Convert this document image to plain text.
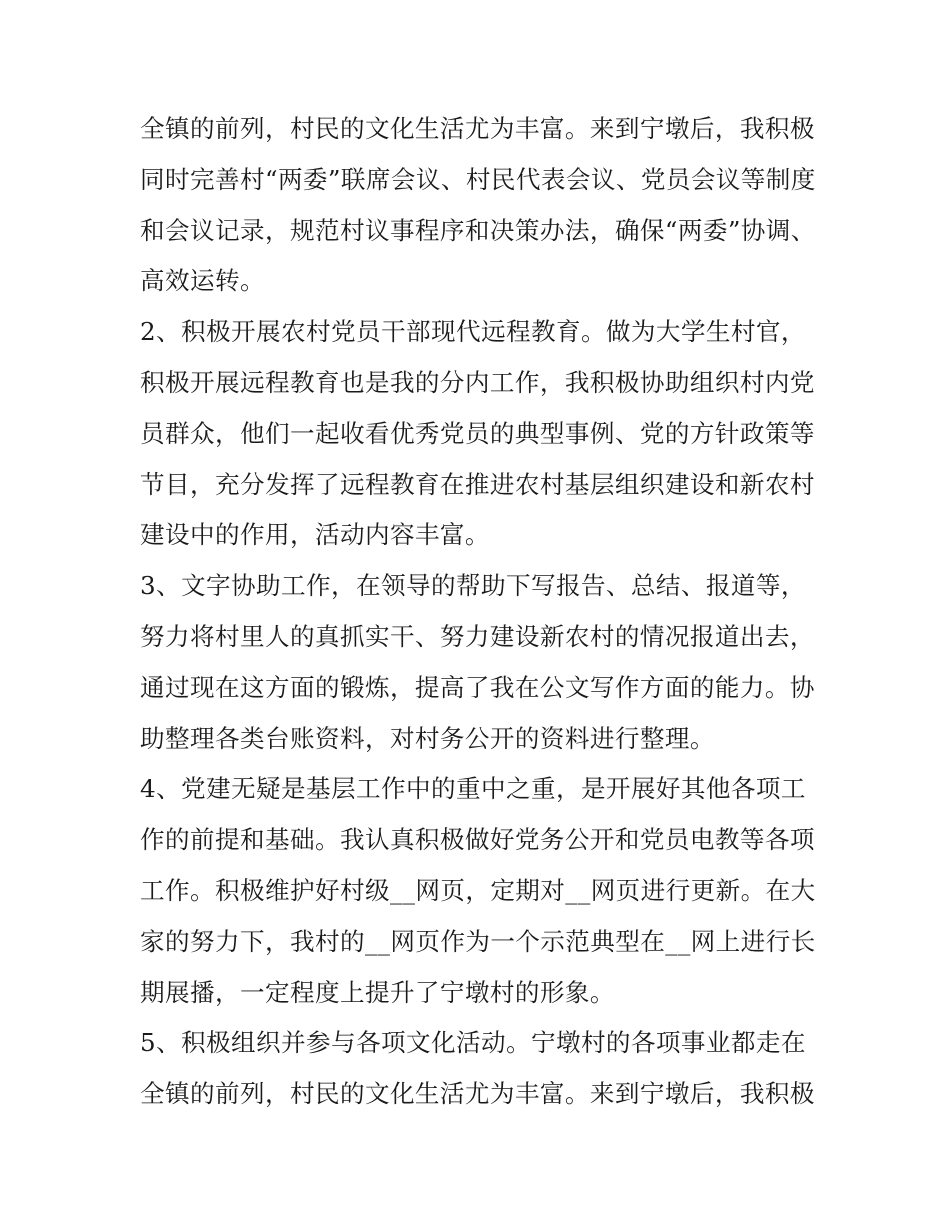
全镇的前列，村民的文化生活尤为丰富。来到宁墩后，我积极
同时完善村“两委”联席会议、村民代表会议、党员会议等制度
和会议记录，规范村议事程序和决策办法，确保“两委”协调、
高效运转。
2、积极开展农村党员干部现代远程教育。做为大学生村官，
积极开展远程教育也是我的分内工作，我积极协助组织村内党
员群众，他们一起收看优秀党员的典型事例、党的方针政策等
节目，充分发挥了远程教育在推进农村基层组织建设和新农村
建设中的作用，活动内容丰富。
3、文字协助工作，在领导的帮助下写报告、总结、报道等，
努力将村里人的真抓实干、努力建设新农村的情况报道出去，
通过现在这方面的锻炼，提高了我在公文写作方面的能力。协
助整理各类台账资料，对村务公开的资料进行整理。
4、党建无疑是基层工作中的重中之重，是开展好其他各项工
作的前提和基础。我认真积极做好党务公开和党员电教等各项
工作。积极维护好村级__网页，定期对__网页进行更新。在大
家的努力下，我村的__网页作为一个示范典型在__网上进行长
期展播，一定程度上提升了宁墩村的形象。
5、积极组织并参与各项文化活动。宁墩村的各项事业都走在
全镇的前列，村民的文化生活尤为丰富。来到宁墩后，我积极
